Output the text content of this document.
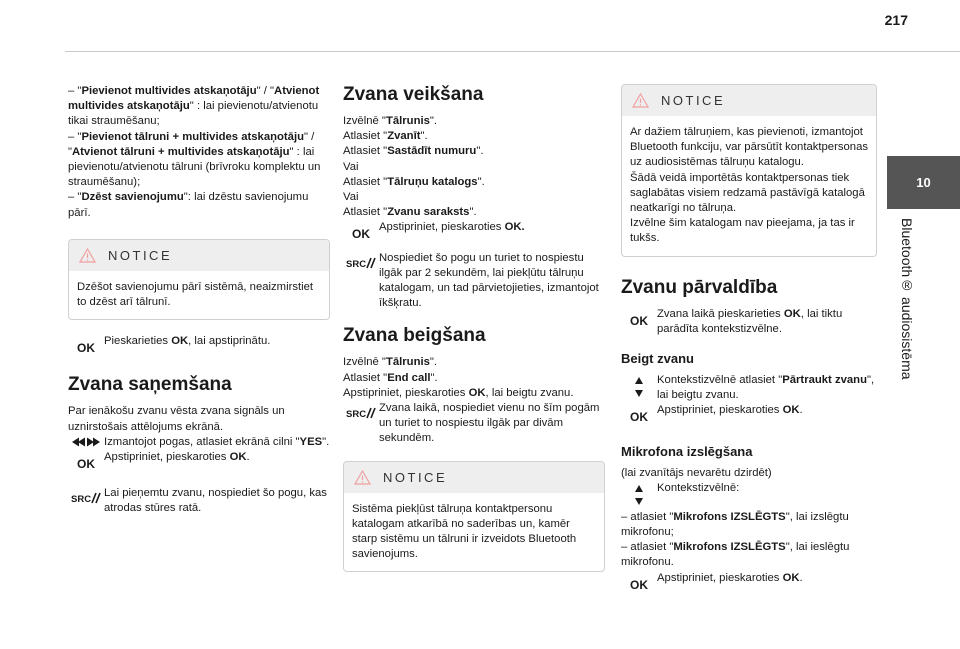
217
10
Bluetooth® audiosistēma

– "Pievienot multivides atskaņotāju" / "Atvienot multivides atskaņotāju" : lai pievienotu/atvienotu tikai straumēšanu;

– "Pievienot tālruni + multivides atskaņotāju" / "Atvienot tālruni + multivides atskaņotāju" : lai pievienotu/atvienotu tālruni (brīvroku komplektu un straumēšanu);

– "Dzēst savienojumu": lai dzēstu savienojumu pārī.

NOTICE
Dzēšot savienojumu pārī sistēmā, neaizmirstiet to dzēst arī tālrunī.
OK Pieskarieties OK, lai apstiprinātu.
Zvana saņemšana

Par ienākošu zvanu vēsta zvana signāls un uznirstošais attēlojums ekrānā.

Izmantojot pogas, atlasiet ekrānā cilni "YES".
OK Apstipriniet, pieskaroties OK.
SRC
Lai pieņemtu zvanu, nospiediet šo pogu, kas atrodas stūres ratā.
Zvana veikšana

Izvēlnē "Tālrunis".

Atlasiet "Zvanīt".

Atlasiet "Sastādīt numuru".

Vai

Atlasiet "Tālruņu katalogs".

Vai

Atlasiet "Zvanu saraksts".

OK Apstipriniet, pieskaroties OK.
SRC
Nospiediet šo pogu un turiet to nospiestu ilgāk par 2 sekundēm, lai piekļūtu tālruņu katalogam, un tad pārvietojieties, izmantojot īkšķratu.
Zvana beigšana

Izvēlnē "Tālrunis".

Atlasiet "End call".

Apstipriniet, pieskaroties OK, lai beigtu zvanu.

SRC
Zvana laikā, nospiediet vienu no šīm pogām un turiet to nospiestu ilgāk par divām sekundēm.
NOTICE
Sistēma piekļūst tālruņa kontaktpersonu katalogam atkarībā no saderības un, kamēr starp sistēmu un tālruni ir izveidots Bluetooth savienojums.
NOTICE

Ar dažiem tālruņiem, kas pievienoti, izmantojot Bluetooth funkciju, var pārsūtīt kontaktpersonas uz audiosistēmas tālruņu katalogu.

Šādā veidā importētās kontaktpersonas tiek saglabātas visiem redzamā pastāvīgā katalogā neatkarīgi no tālruņa.

Izvēlne šim katalogam nav pieejama, ja tas ir tukšs.

Zvanu pārvaldība
OK Zvana laikā pieskarieties OK, lai tiktu parādīta kontekstizvēlne.
Beigt zvanu
Kontekstizvēlnē atlasiet "Pārtraukt zvanu", lai beigtu zvanu.
OK Apstipriniet, pieskaroties OK.
Mikrofona izslēgšana

(lai zvanītājs nevarētu dzirdēt)

Kontekstizvēlnē:

– atlasiet "Mikrofons IZSLĒGTS", lai izslēgtu mikrofonu;

– atlasiet "Mikrofons IZSLĒGTS", lai ieslēgtu mikrofonu.

OK Apstipriniet, pieskaroties OK.
